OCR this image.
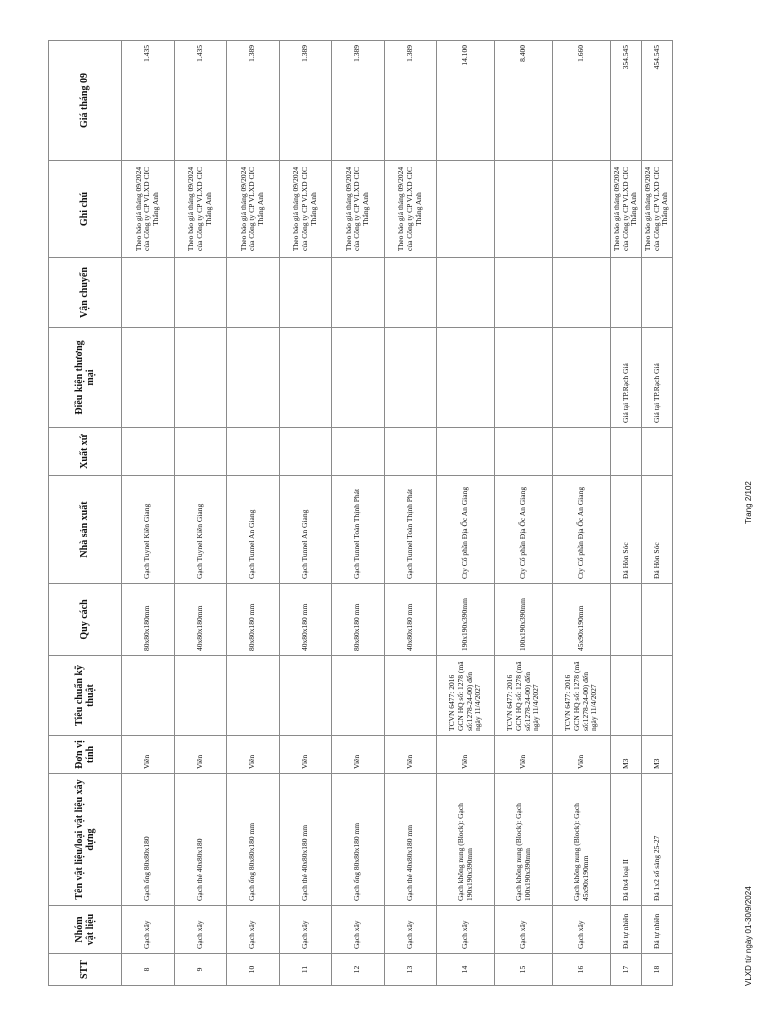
STT	Nhóm vật liệu	Tên vật liệu/loại vật liệu xây dựng	Đơn vị tính	Tiêu chuẩn kỹ thuật	Quy cách	Nhà sản xuất	Xuất xứ	Điều kiện thương mại	Vận chuyển	Ghi chú	Giá tháng 09
8	Gạch xây	Gạch ống 80x80x180	Viên		80x80x180mm	Gạch Tuynel Kiên Giang				Theo báo giá tháng 09/2024 của Công ty CP VLXD CIC Thắng Anh	1.435
9	Gạch xây	Gạch thẻ 40x80x180	Viên		40x80x180mm	Gạch Tuynel Kiên Giang				Theo báo giá tháng 09/2024 của Công ty CP VLXD CIC Thắng Anh	1.435
10	Gạch xây	Gạch ống 80x80x180 mm	Viên		80x80x180 mm	Gạch Tunnel An Giang				Theo báo giá tháng 09/2024 của Công ty CP VLXD CIC Thắng Anh	1.389
11	Gạch xây	Gạch thẻ 40x80x180 mm	Viên		40x80x180 mm	Gạch Tunnel An Giang				Theo báo giá tháng 09/2024 của Công ty CP VLXD CIC Thắng Anh	1.389
12	Gạch xây	Gạch ống 80x80x180 mm	Viên		80x80x180 mm	Gạch Tunnel Toàn Thịnh Phát				Theo báo giá tháng 09/2024 của Công ty CP VLXD CIC Thắng Anh	1.389
13	Gạch xây	Gạch thẻ 40x80x180 mm	Viên		40x80x180 mm	Gạch Tunnel Toàn Thịnh Phát				Theo báo giá tháng 09/2024 của Công ty CP VLXD CIC Thắng Anh	1.389
14	Gạch xây	Gạch không nung (Block): Gạch 190x190x390mm	Viên	TCVN 6477: 2016 GCN HQ số: 1278 (mã số:1278-24-00) đến ngày 11/4/2027	190x190x390mm	Cty Cổ phần Địa Ốc An Giang					14.100
15	Gạch xây	Gạch không nung (Block): Gạch 100x190x390mm	Viên	TCVN 6477: 2016 GCN HQ số: 1278 (mã số:1278-24-00) đến ngày 11/4/2027	100x190x390mm	Cty Cổ phần Địa Ốc An Giang					8.400
16	Gạch xây	Gạch không nung (Block): Gạch 45x90x190mm	Viên	TCVN 6477: 2016 GCN HQ số: 1278 (mã số:1278-24-00) đến ngày 11/4/2027	45x90x190mm	Cty Cổ phần Địa Ốc An Giang					1.660
17	Đá tự nhiên	Đá 0x4 loại II	M3			Đá Hòn Sóc		Giá tại TP.Rạch Giá		Theo báo giá tháng 09/2024 của Công ty CP VLXD CIC Thắng Anh	354.545
18	Đá tự nhiên	Đá 1x2 số sàng 25-27	M3			Đá Hòn Sóc		Giá tại TP.Rạch Giá		Theo báo giá tháng 09/2024 của Công ty CP VLXD CIC Thắng Anh	454.545
VLXD từ ngày 01-30/9/2024
Trang 2/102
